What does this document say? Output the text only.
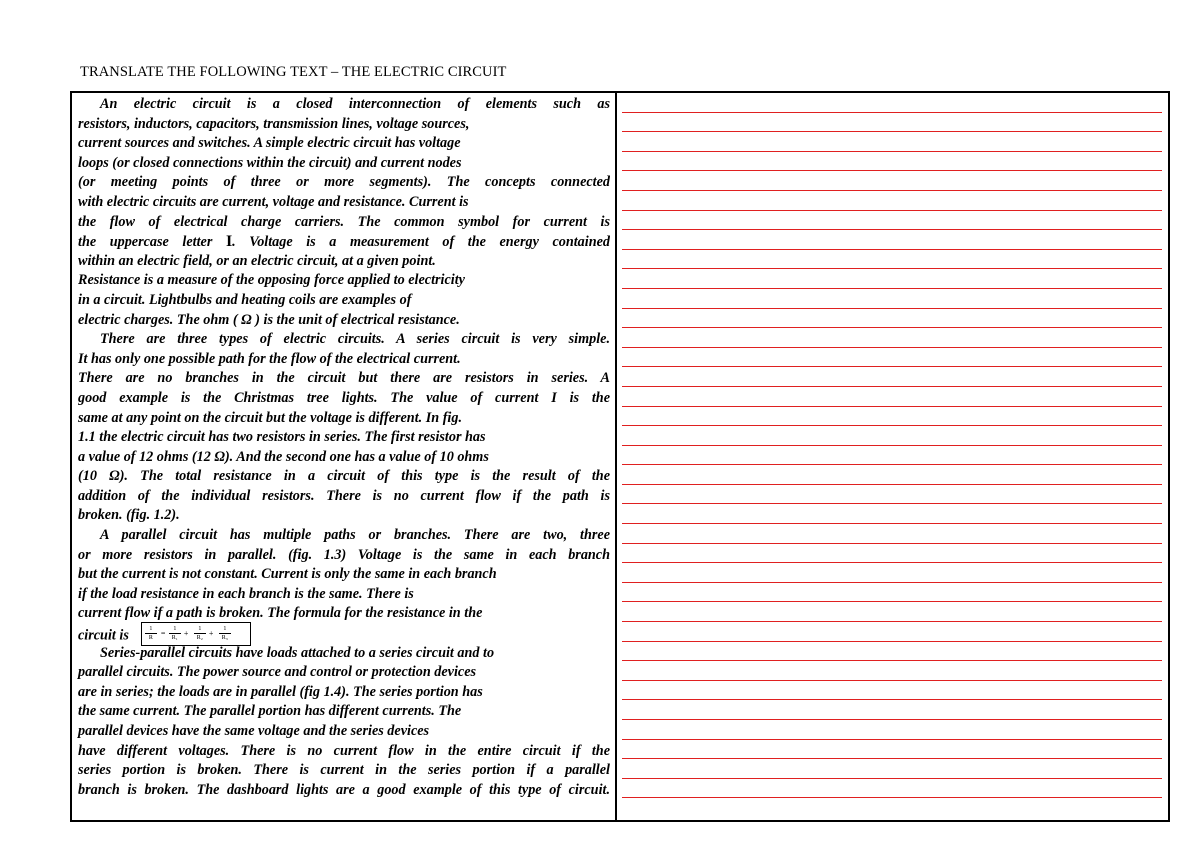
TRANSLATE THE FOLLOWING TEXT – THE ELECTRIC CIRCUIT
An electric circuit is a closed interconnection of elements such as
resistors, inductors, capacitors, transmission lines, voltage sources,
current sources and switches. A simple electric circuit has voltage
loops (or closed connections within the circuit) and current nodes
(or meeting points of three or more segments). The concepts connected
with electric circuits are current, voltage and resistance. Current is
the flow of electrical charge carriers. The common symbol for current is
the uppercase letter I. Voltage is a measurement of the energy contained
within an electric field, or an electric circuit, at a given point.
Resistance is a measure of the opposing force applied to electricity
in a circuit. Lightbulbs and heating coils are examples of
electric charges. The ohm ( Ω ) is the unit of electrical resistance.
There are three types of electric circuits. A series circuit is very simple.
It has only one possible path for the flow of the electrical current.
There are no branches in the circuit but there are resistors in series. A
good example is the Christmas tree lights. The value of current I is the
same at any point on the circuit but the voltage is different. In fig.
1.1 the electric circuit has two resistors in series. The first resistor has
a value of 12 ohms (12 Ω). And the second one has a value of 10 ohms
(10 Ω). The total resistance in a circuit of this type is the result of the
addition of the individual resistors. There is no current flow if the path is
broken. (fig. 1.2).
A parallel circuit has multiple paths or branches. There are two, three
or more resistors in parallel. (fig. 1.3) Voltage is the same in each branch
but the current is not constant. Current is only the same in each branch
if the load resistance in each branch is the same. There is
current flow if a path is broken. The formula for the resistance in the
circuit is	1
R	=	1
R₁ +	1
R₂ +	1
R₃
Series-parallel circuits have loads attached to a series circuit and to
parallel circuits. The power source and control or protection devices
are in series; the loads are in parallel (fig 1.4). The series portion has
the same current. The parallel portion has different currents. The
parallel devices have the same voltage and the series devices
have different voltages. There is no current flow in the entire circuit if the
series portion is broken. There is current in the series portion if a parallel
branch is broken. The dashboard lights are a good example of this type of circuit.
